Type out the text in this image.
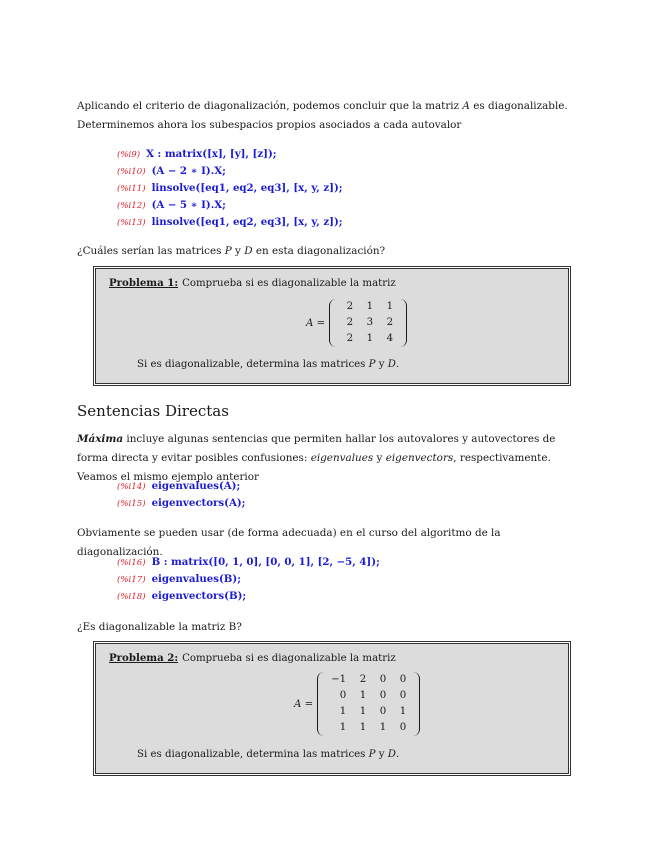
Aplicando el criterio de diagonalización, podemos concluir que la matriz A es diagonalizable. Determinemos ahora los subespacios propios asociados a cada autovalor

(%i9) X : matrix([x], [y], [z]);
(%i10) (A − 2 ∗ I).X;
(%i11) linsolve([eq1, eq2, eq3], [x, y, z]);
(%i12) (A − 5 ∗ I).X;
(%i13) linsolve([eq1, eq2, eq3], [x, y, z]);

¿Cuáles serían las matrices P y D en esta diagonalización?

Problema 1: Comprueba si es diagonalizable la matriz
A =
2	1	1
2	3	2
2	1	4
Si es diagonalizable, determina las matrices P y D.
Sentencias Directas

Máxima incluye algunas sentencias que permiten hallar los autovalores y autovectores de forma directa y evitar posibles confusiones: eigenvalues y eigenvectors, respectivamente. Veamos el mismo ejemplo anterior

(%i14) eigenvalues(A);
(%i15) eigenvectors(A);

Obviamente se pueden usar (de forma adecuada) en el curso del algoritmo de la diagonalización.

(%i16) B : matrix([0, 1, 0], [0, 0, 1], [2, −5, 4]);
(%i17) eigenvalues(B);
(%i18) eigenvectors(B);

¿Es diagonalizable la matriz B?

Problema 2: Comprueba si es diagonalizable la matriz
A =
−1	2	0	0
0	1	0	0
1	1	0	1
1	1	1	0
Si es diagonalizable, determina las matrices P y D.
